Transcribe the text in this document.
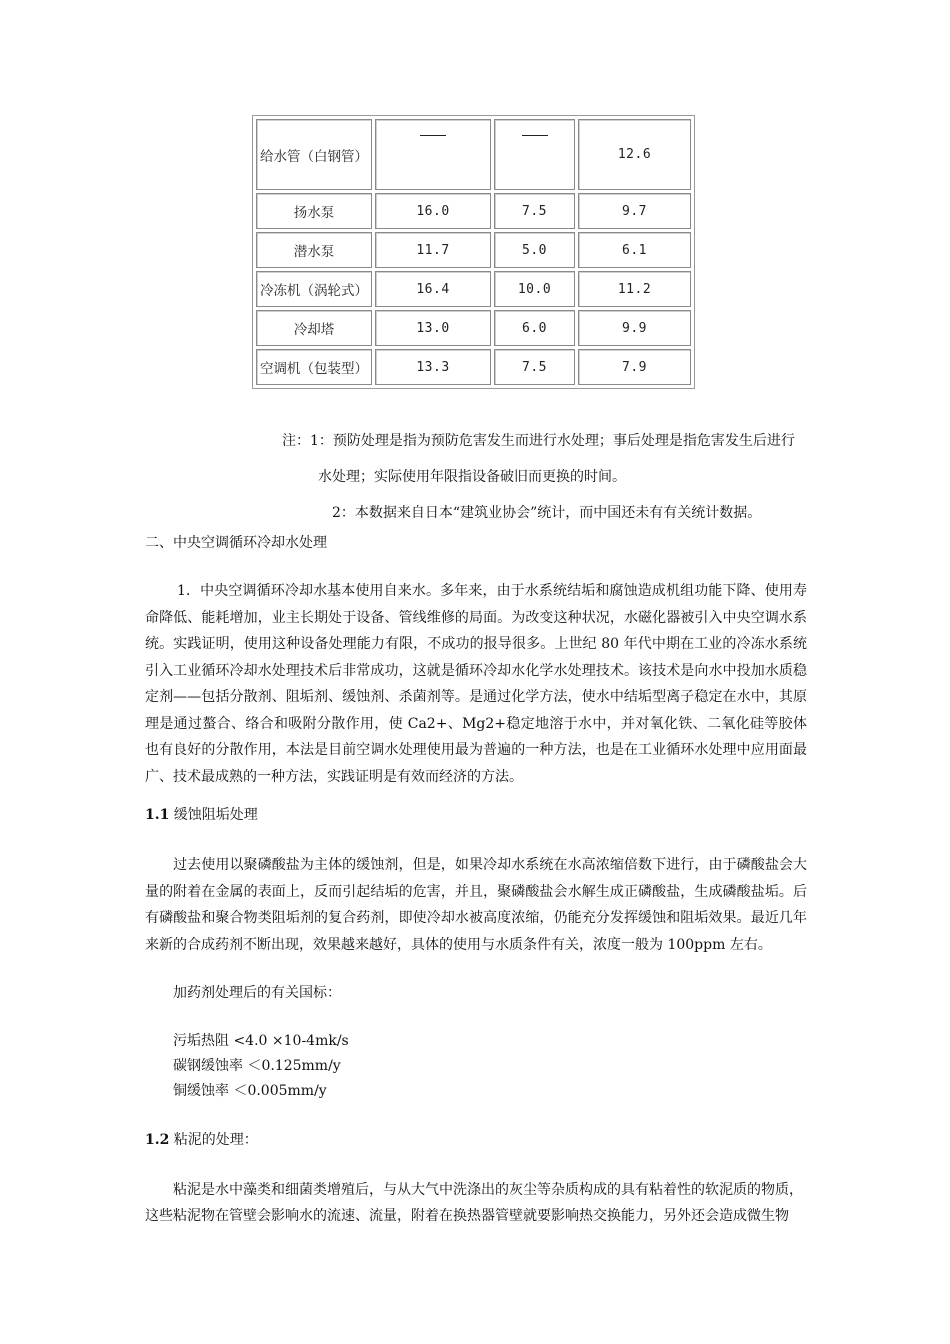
给水管（白钢管）			12.6
扬水泵	16.0	7.5	9.7
潜水泵	11.7	5.0	6.1
冷冻机（涡轮式）	16.4	10.0	11.2
冷却塔	13.0	6.0	9.9
空调机（包装型）	13.3	7.5	7.9
注：1：预防处理是指为预防危害发生而进行水处理；事后处理是指危害发生后进行
水处理；实际使用年限指设备破旧而更换的时间。
2：本数据来自日本“建筑业协会”统计，而中国还未有有关统计数据。
二、中央空调循环冷却水处理
1．中央空调循环冷却水基本使用自来水。多年来，由于水系统结垢和腐蚀造成机组功能下降、使用寿命降低、能耗增加，业主长期处于设备、管线维修的局面。为改变这种状况，水磁化器被引入中央空调水系统。实践证明，使用这种设备处理能力有限，不成功的报导很多。上世纪 80 年代中期在工业的冷冻水系统引入工业循环冷却水处理技术后非常成功，这就是循环冷却水化学水处理技术。该技术是向水中投加水质稳定剂——包括分散剂、阻垢剂、缓蚀剂、杀菌剂等。是通过化学方法，使水中结垢型离子稳定在水中，其原理是通过螯合、络合和吸附分散作用，使 Ca2+、Mg2+稳定地溶于水中，并对氧化铁、二氧化硅等胶体也有良好的分散作用，本法是目前空调水处理使用最为普遍的一种方法，也是在工业循环水处理中应用面最广、技术最成熟的一种方法，实践证明是有效而经济的方法。
1.1 缓蚀阻垢处理
过去使用以聚磷酸盐为主体的缓蚀剂，但是，如果冷却水系统在水高浓缩倍数下进行，由于磷酸盐会大量的附着在金属的表面上，反而引起结垢的危害，并且，聚磷酸盐会水解生成正磷酸盐，生成磷酸盐垢。后有磷酸盐和聚合物类阻垢剂的复合药剂，即使冷却水被高度浓缩，仍能充分发挥缓蚀和阻垢效果。最近几年来新的合成药剂不断出现，效果越来越好，具体的使用与水质条件有关，浓度一般为 100ppm 左右。
加药剂处理后的有关国标：
污垢热阻 <4.0 ×10-4mk/s
碳钢缓蚀率 ＜0.125mm/y
铜缓蚀率 ＜0.005mm/y
1.2 粘泥的处理：
粘泥是水中藻类和细菌类增殖后，与从大气中洗涤出的灰尘等杂质构成的具有粘着性的软泥质的物质，
这些粘泥物在管壁会影响水的流速、流量，附着在换热器管壁就要影响热交换能力，另外还会造成微生物
